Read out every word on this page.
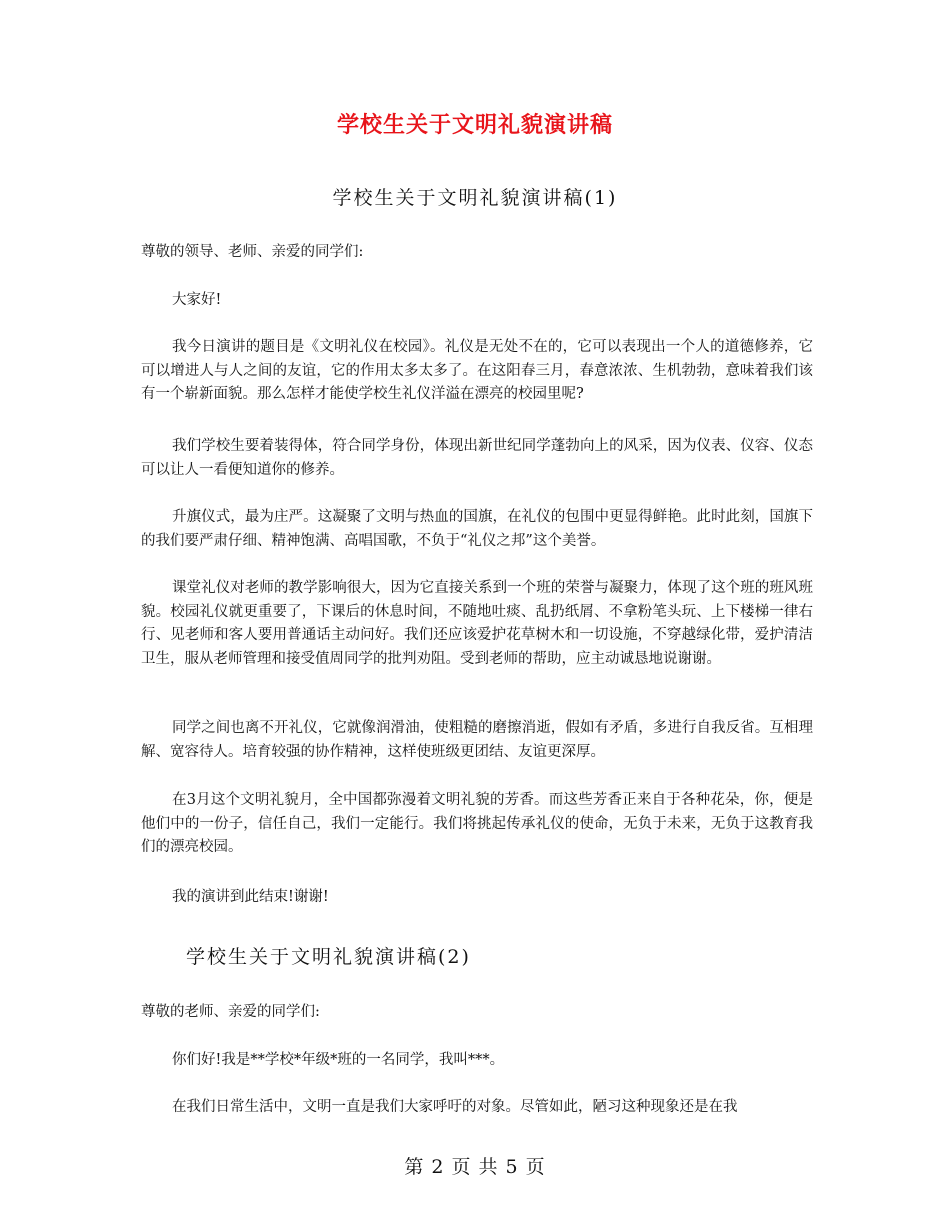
学校生关于文明礼貌演讲稿
学校生关于文明礼貌演讲稿(1)
尊敬的领导、老师、亲爱的同学们:
大家好!
我今日演讲的题目是《文明礼仪在校园》。礼仪是无处不在的，它可以表现出一个人的道德修养，它可以增进人与人之间的友谊，它的作用太多太多了。在这阳春三月，春意浓浓、生机勃勃，意味着我们该有一个崭新面貌。那么怎样才能使学校生礼仪洋溢在漂亮的校园里呢?
我们学校生要着装得体，符合同学身份，体现出新世纪同学蓬勃向上的风采，因为仪表、仪容、仪态可以让人一看便知道你的修养。
升旗仪式，最为庄严。这凝聚了文明与热血的国旗，在礼仪的包围中更显得鲜艳。此时此刻，国旗下的我们要严肃仔细、精神饱满、高唱国歌，不负于“礼仪之邦”这个美誉。
课堂礼仪对老师的教学影响很大，因为它直接关系到一个班的荣誉与凝聚力，体现了这个班的班风班貌。校园礼仪就更重要了，下课后的休息时间，不随地吐痰、乱扔纸屑、不拿粉笔头玩、上下楼梯一律右行、见老师和客人要用普通话主动问好。我们还应该爱护花草树木和一切设施，不穿越绿化带，爱护清洁卫生，服从老师管理和接受值周同学的批判劝阻。受到老师的帮助，应主动诚恳地说谢谢。
同学之间也离不开礼仪，它就像润滑油，使粗糙的磨擦消逝，假如有矛盾，多进行自我反省。互相理解、宽容待人。培育较强的协作精神，这样使班级更团结、友谊更深厚。
在3月这个文明礼貌月，全中国都弥漫着文明礼貌的芳香。而这些芳香正来自于各种花朵，你，便是他们中的一份子，信任自己，我们一定能行。我们将挑起传承礼仪的使命，无负于未来，无负于这教育我们的漂亮校园。
我的演讲到此结束!谢谢!
学校生关于文明礼貌演讲稿(2)
尊敬的老师、亲爱的同学们:
你们好!我是**学校*年级*班的一名同学，我叫***。
在我们日常生活中，文明一直是我们大家呼吁的对象。尽管如此，陋习这种现象还是在我
第 2 页 共 5 页
